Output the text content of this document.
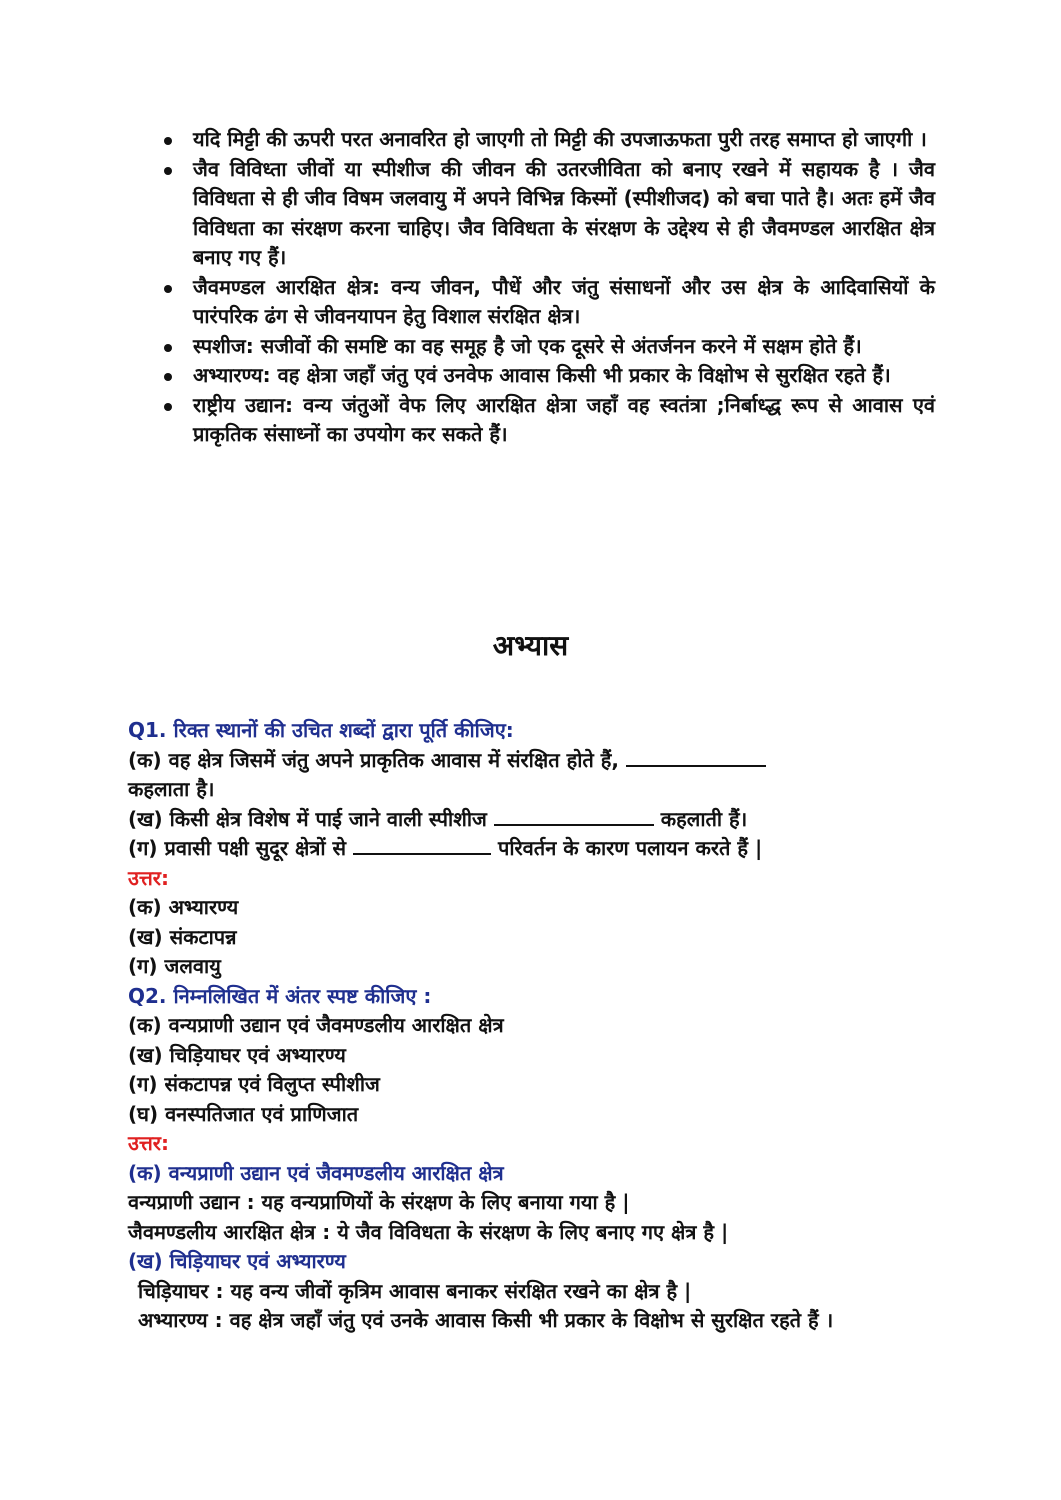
यदि मिट्टी की ऊपरी परत अनावरित हो जाएगी तो मिट्टी की उपजाऊफता पुरी तरह समाप्त हो जाएगी ।
जैव विविध्ता जीवों या स्पीशीज की जीवन की उतरजीविता को बनाए रखने में सहायक है । जैव विविधता से ही जीव विषम जलवायु में अपने विभिन्न किस्मों (स्पीशीजद) को बचा पाते है। अतः हमें जैव विविधता का संरक्षण करना चाहिए। जैव विविधता के संरक्षण के उद्देश्य से ही जैवमण्डल आरक्षित क्षेत्र बनाए गए हैं।
जैवमण्डल आरक्षित क्षेत्र: वन्य जीवन, पौधें और जंतु संसाधनों और उस क्षेत्र के आदिवासियों के पारंपरिक ढंग से जीवनयापन हेतु विशाल संरक्षित क्षेत्र।
स्पशीज: सजीवों की समष्टि का वह समूह है जो एक दूसरे से अंतर्जनन करने में सक्षम होते हैं।
अभ्यारण्य: वह क्षेत्रा जहाँ जंतु एवं उनवेफ आवास किसी भी प्रकार के विक्षोभ से सुरक्षित रहते हैं।
राष्ट्रीय उद्यान: वन्य जंतुओं वेफ लिए आरक्षित क्षेत्रा जहाँ वह स्वतंत्रा ;निर्बाध्द्ध रूप से आवास एवं प्राकृतिक संसाध्नों का उपयोग कर सकते हैं।
अभ्यास
Q1. रिक्त स्थानों की उचित शब्दों द्वारा पूर्ति कीजिए:
(क) वह क्षेत्र जिसमें जंतु अपने प्राकृतिक आवास में संरक्षित होते हैं,
कहलाता है।
(ख) किसी क्षेत्र विशेष में पाई जाने वाली स्पीशीज	कहलाती हैं।
(ग) प्रवासी पक्षी सुदूर क्षेत्रों से	परिवर्तन के कारण पलायन करते हैं |
उत्तर:
(क) अभ्यारण्य
(ख) संकटापन्न
(ग) जलवायु
Q2. निम्नलिखित में अंतर स्पष्ट कीजिए :
(क) वन्यप्राणी उद्यान एवं जैवमण्डलीय आरक्षित क्षेत्र
(ख) चिड़ियाघर एवं अभ्यारण्य
(ग) संकटापन्न एवं विलुप्त स्पीशीज
(घ) वनस्पतिजात एवं प्राणिजात
उत्तर:
(क) वन्यप्राणी उद्यान एवं जैवमण्डलीय आरक्षित क्षेत्र
वन्यप्राणी उद्यान : यह वन्यप्राणियों के संरक्षण के लिए बनाया गया है |
जैवमण्डलीय आरक्षित क्षेत्र : ये जैव विविधता के संरक्षण के लिए बनाए गए क्षेत्र है |
(ख) चिड़ियाघर एवं अभ्यारण्य
चिड़ियाघर : यह वन्य जीवों कृत्रिम आवास बनाकर संरक्षित रखने का क्षेत्र है |
अभ्यारण्य : वह क्षेत्र जहाँ जंतु एवं उनके आवास किसी भी प्रकार के विक्षोभ से सुरक्षित रहते हैं ।
